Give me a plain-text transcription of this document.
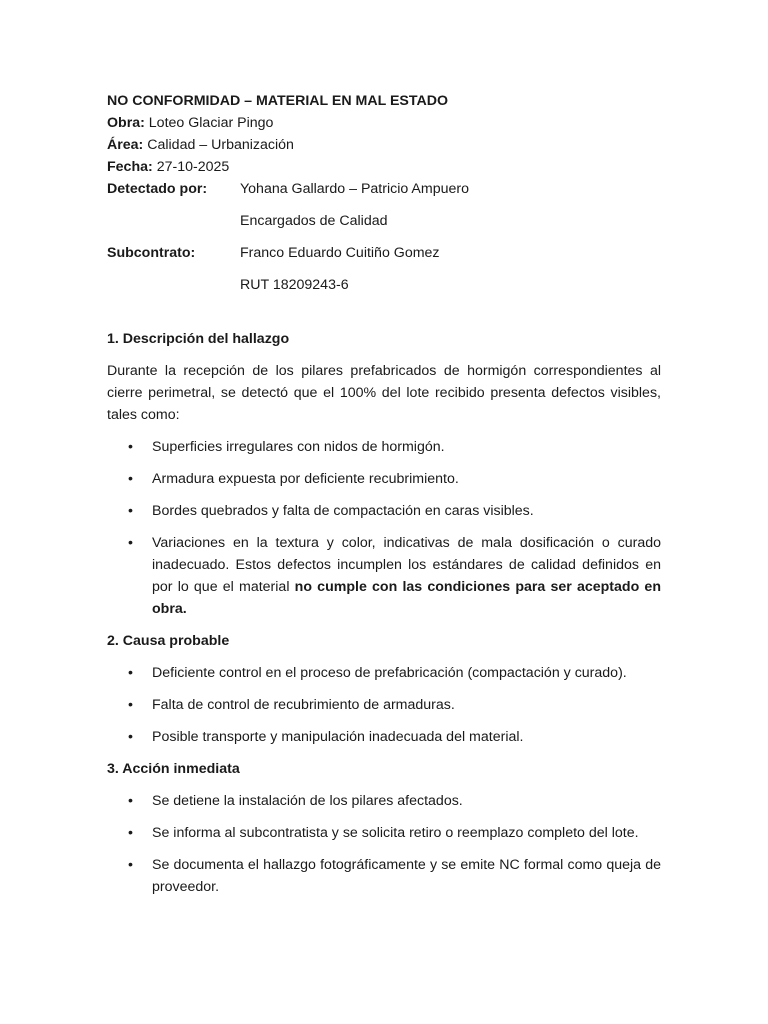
NO CONFORMIDAD – MATERIAL EN MAL ESTADO
Obra: Loteo Glaciar Pingo
Área: Calidad – Urbanización
Fecha: 27-10-2025
Detectado por:	Yohana Gallardo – Patricio Ampuero
Encargados de Calidad
Subcontrato:	Franco Eduardo Cuitiño Gomez
RUT 18209243-6
1. Descripción del hallazgo

Durante la recepción de los pilares prefabricados de hormigón correspondientes al cierre perimetral, se detectó que el 100% del lote recibido presenta defectos visibles, tales como:

• Superficies irregulares con nidos de hormigón.
• Armadura expuesta por deficiente recubrimiento.
• Bordes quebrados y falta de compactación en caras visibles.
• Variaciones en la textura y color, indicativas de mala dosificación o curado inadecuado. Estos defectos incumplen los estándares de calidad definidos en por lo que el material no cumple con las condiciones para ser aceptado en obra.
2. Causa probable
• Deficiente control en el proceso de prefabricación (compactación y curado).
• Falta de control de recubrimiento de armaduras.
• Posible transporte y manipulación inadecuada del material.
3. Acción inmediata
• Se detiene la instalación de los pilares afectados.
• Se informa al subcontratista y se solicita retiro o reemplazo completo del lote.
• Se documenta el hallazgo fotográficamente y se emite NC formal como queja de proveedor.
